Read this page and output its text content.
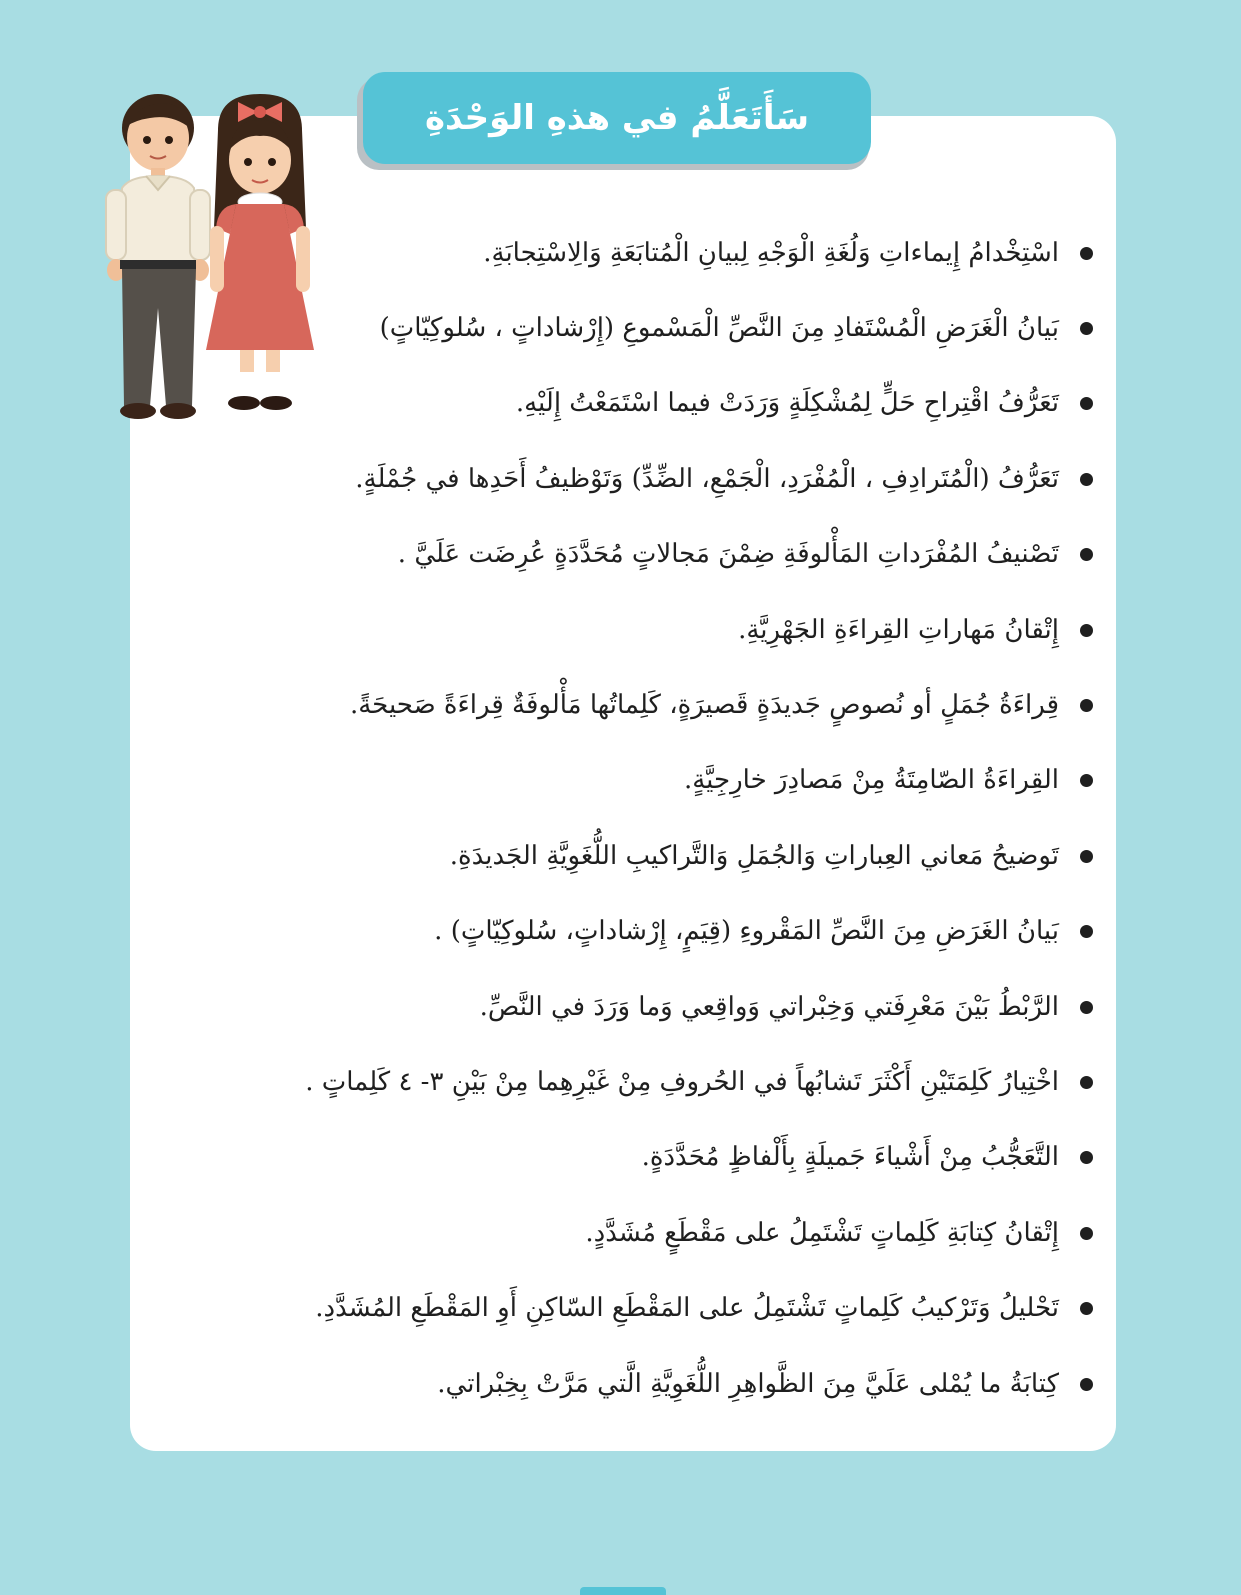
سَأَتَعَلَّمُ في هذهِ الوَحْدَةِ
اسْتِخْدامُ إِيماءاتِ وَلُغَةِ الْوَجْهِ لِبيانِ الْمُتابَعَةِ وَالِاسْتِجابَةِ.
بَيانُ الْغَرَضِ الْمُسْتَفادِ مِنَ النَّصِّ الْمَسْموعِ (إِرْشاداتٍ ، سُلوكِيّاتٍ)
تَعَرُّفُ اقْتِراحِ حَلٍّ لِمُشْكِلَةٍ وَرَدَتْ فيما اسْتَمَعْتُ إِلَيْهِ.
تَعَرُّفُ (الْمُتَرادِفِ ، الْمُفْرَدِ، الْجَمْعِ، الضِّدِّ) وَتَوْظيفُ أَحَدِها في جُمْلَةٍ.
تَصْنيفُ المُفْرَداتِ المَأْلوفَةِ ضِمْنَ مَجالاتٍ مُحَدَّدَةٍ عُرِضَت عَلَيَّ .
إِتْقانُ مَهاراتِ القِراءَةِ الجَهْرِيَّةِ.
قِراءَةُ جُمَلٍ أو نُصوصٍ جَديدَةٍ قَصيرَةٍ، كَلِماتُها مَأْلوفَةٌ قِراءَةً صَحيحَةً.
القِراءَةُ الصّامِتَةُ مِنْ مَصادِرَ خارِجِيَّةٍ.
تَوضيحُ مَعاني العِباراتِ وَالجُمَلِ وَالتَّراكيبِ اللُّغَوِيَّةِ الجَديدَةِ.
بَيانُ الغَرَضِ مِنَ النَّصِّ المَقْروءِ (قِيَمٍ، إِرْشاداتٍ، سُلوكِيّاتٍ) .
الرَّبْطُ بَيْنَ مَعْرِفَتي وَخِبْراتي وَواقِعي وَما وَرَدَ في النَّصِّ.
اخْتِيارُ كَلِمَتَيْنِ أَكْثَرَ تَشابُهاً في الحُروفِ مِنْ غَيْرِهِما مِنْ بَيْنِ ٣- ٤ كَلِماتٍ .
التَّعَجُّبُ مِنْ أَشْياءَ جَميلَةٍ بِأَلْفاظٍ مُحَدَّدَةٍ.
إِتْقانُ كِتابَةِ كَلِماتٍ تَشْتَمِلُ على مَقْطَعٍ مُشَدَّدٍ.
تَحْليلُ وَتَرْكيبُ كَلِماتٍ تَشْتَمِلُ على المَقْطَعِ السّاكِنِ أَوِ المَقْطَعِ المُشَدَّدِ.
كِتابَةُ ما يُمْلى عَلَيَّ مِنَ الظَّواهِرِ اللُّغَوِيَّةِ الَّتي مَرَّتْ بِخِبْراتي.
